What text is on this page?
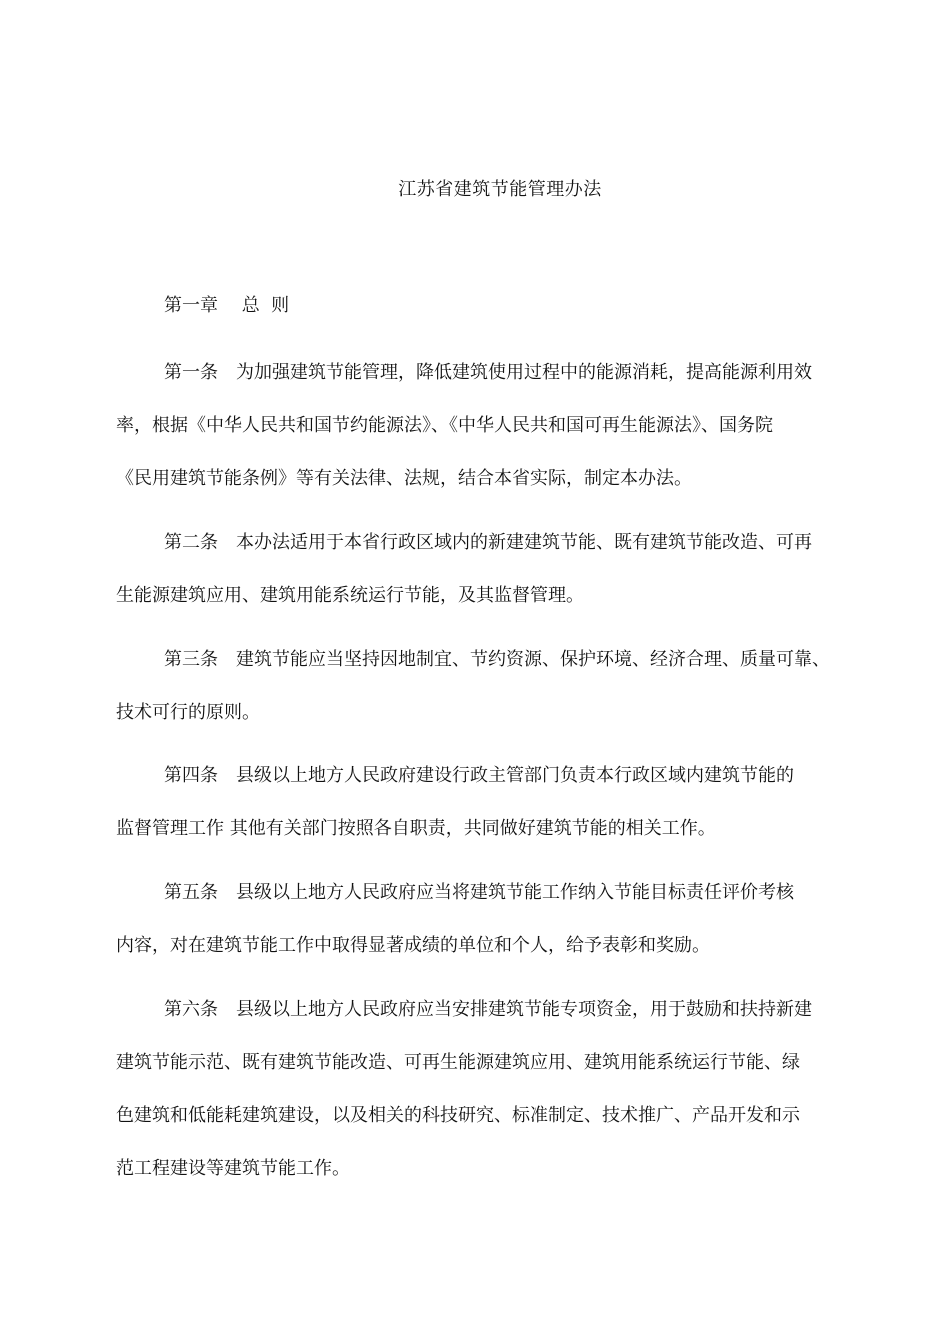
江苏省建筑节能管理办法
第一章　 总  则
第一条　为加强建筑节能管理，降低建筑使用过程中的能源消耗，提高能源利用效
率，根据《中华人民共和国节约能源法》、《中华人民共和国可再生能源法》、国务院
《民用建筑节能条例》等有关法律、法规，结合本省实际，制定本办法。
第二条　本办法适用于本省行政区域内的新建建筑节能、既有建筑节能改造、可再
生能源建筑应用、建筑用能系统运行节能，及其监督管理。
第三条　建筑节能应当坚持因地制宜、节约资源、保护环境、经济合理、质量可靠、
技术可行的原则。
第四条　县级以上地方人民政府建设行政主管部门负责本行政区域内建筑节能的
监督管理工作 其他有关部门按照各自职责，共同做好建筑节能的相关工作。
第五条　县级以上地方人民政府应当将建筑节能工作纳入节能目标责任评价考核
内容，对在建筑节能工作中取得显著成绩的单位和个人，给予表彰和奖励。
第六条　县级以上地方人民政府应当安排建筑节能专项资金，用于鼓励和扶持新建
建筑节能示范、既有建筑节能改造、可再生能源建筑应用、建筑用能系统运行节能、绿
色建筑和低能耗建筑建设，以及相关的科技研究、标准制定、技术推广、产品开发和示
范工程建设等建筑节能工作。
